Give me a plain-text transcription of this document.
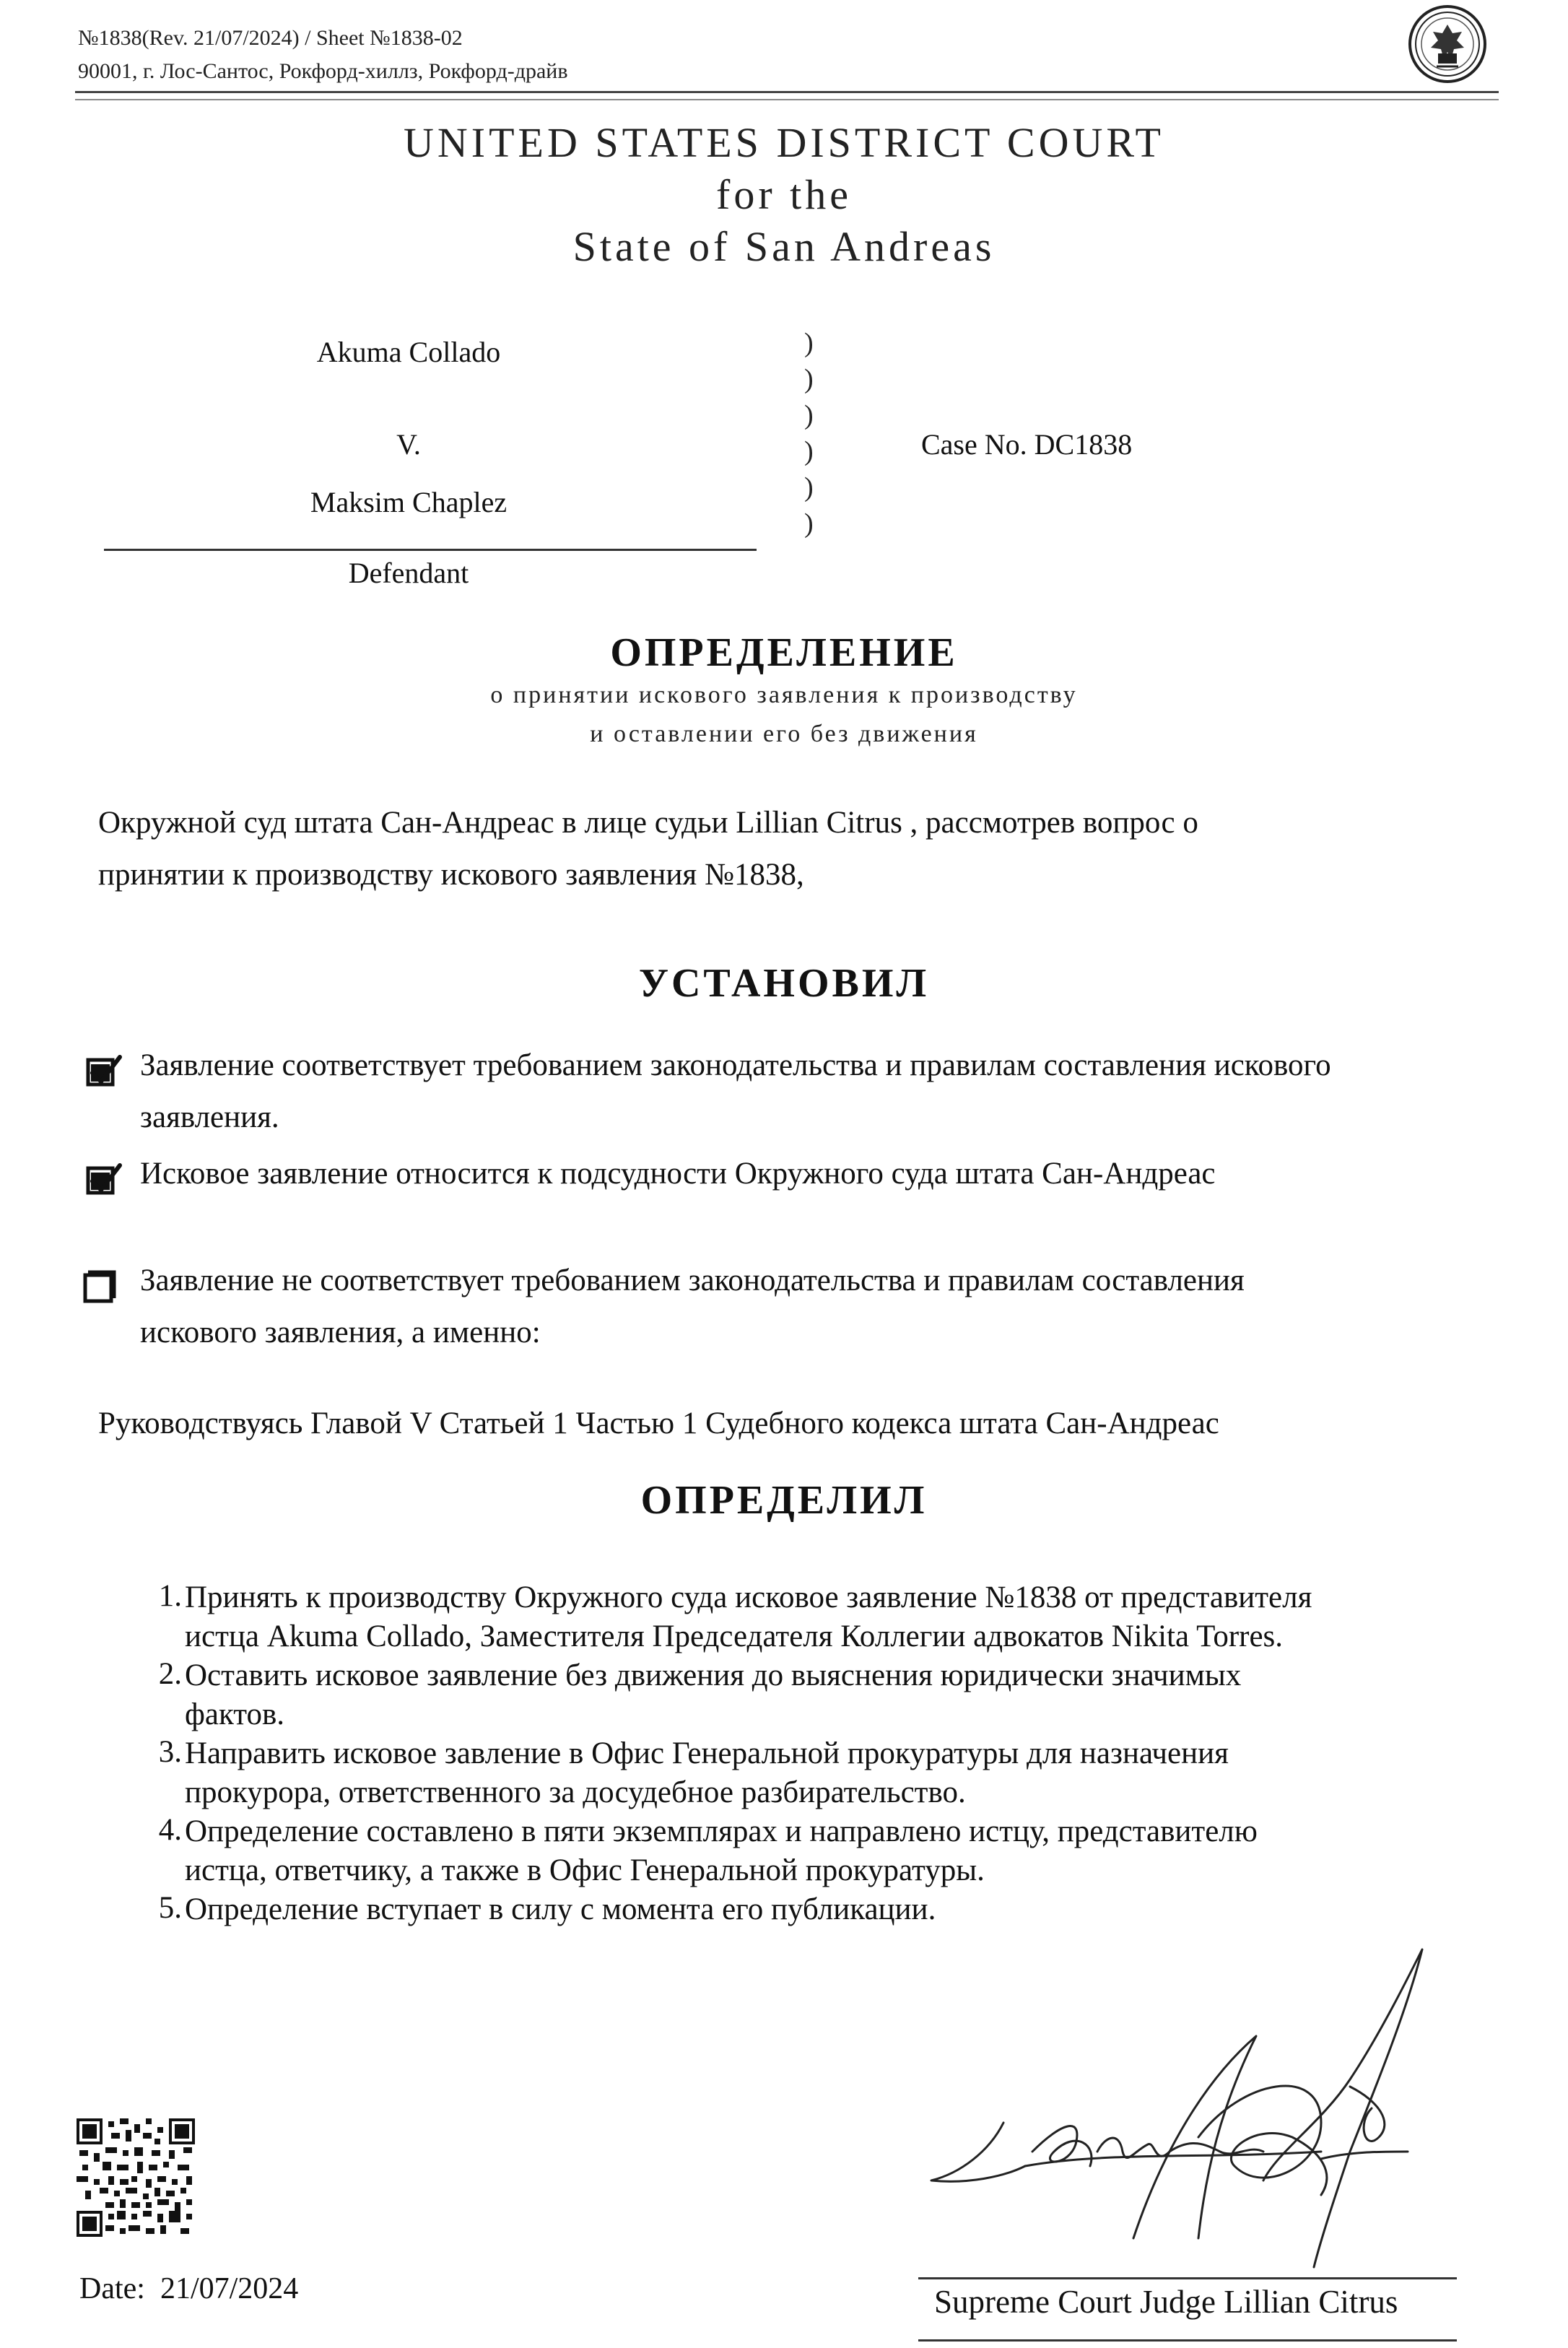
№1838(Rev. 21/07/2024) / Sheet №1838-02
90001, г. Лос-Сантос, Рокфорд-хиллз, Рокфорд-драйв
UNITED STATES DISTRICT COURT
for the
State of San Andreas
Akuma Collado
V.
Maksim Chaplez
Defendant
)
)
)
)
)
)
Case No. DC1838
ОПРЕДЕЛЕНИЕ
о принятии искового заявления к производству
и оставлении его без движения
Окружной суд штата Сан-Андреас в лице судьи Lillian Citrus , рассмотрев вопрос о
принятии к производству искового заявления №1838,
УСТАНОВИЛ
Заявление соответствует требованием законодательства и правилам составления искового
заявления.
Исковое заявление относится к подсудности Окружного суда штата Сан-Андреас
Заявление не соответствует требованием законодательства и правилам составления
искового заявления, а именно:
Руководствуясь Главой V Статьей 1 Частью 1 Судебного кодекса штата Сан-Андреас
ОПРЕДЕЛИЛ
1. Принять к производству Окружного суда исковое заявление №1838 от представителя
истца Akuma Collado, Заместителя Председателя Коллегии адвокатов Nikita Torres.
2. Оставить исковое заявление без движения до выяснения юридически значимых
фактов.
3. Направить исковое завление в Офис Генеральной прокуратуры для назначения
прокурора, ответственного за досудебное разбирательство.
4. Определение составлено в пяти экземплярах и направлено истцу, представителю
истца, ответчику, а также в Офис Генеральной прокуратуры.
5. Определение вступает в силу с момента его публикации.
Date: 21/07/2024	Supreme Court Judge Lillian Citrus
